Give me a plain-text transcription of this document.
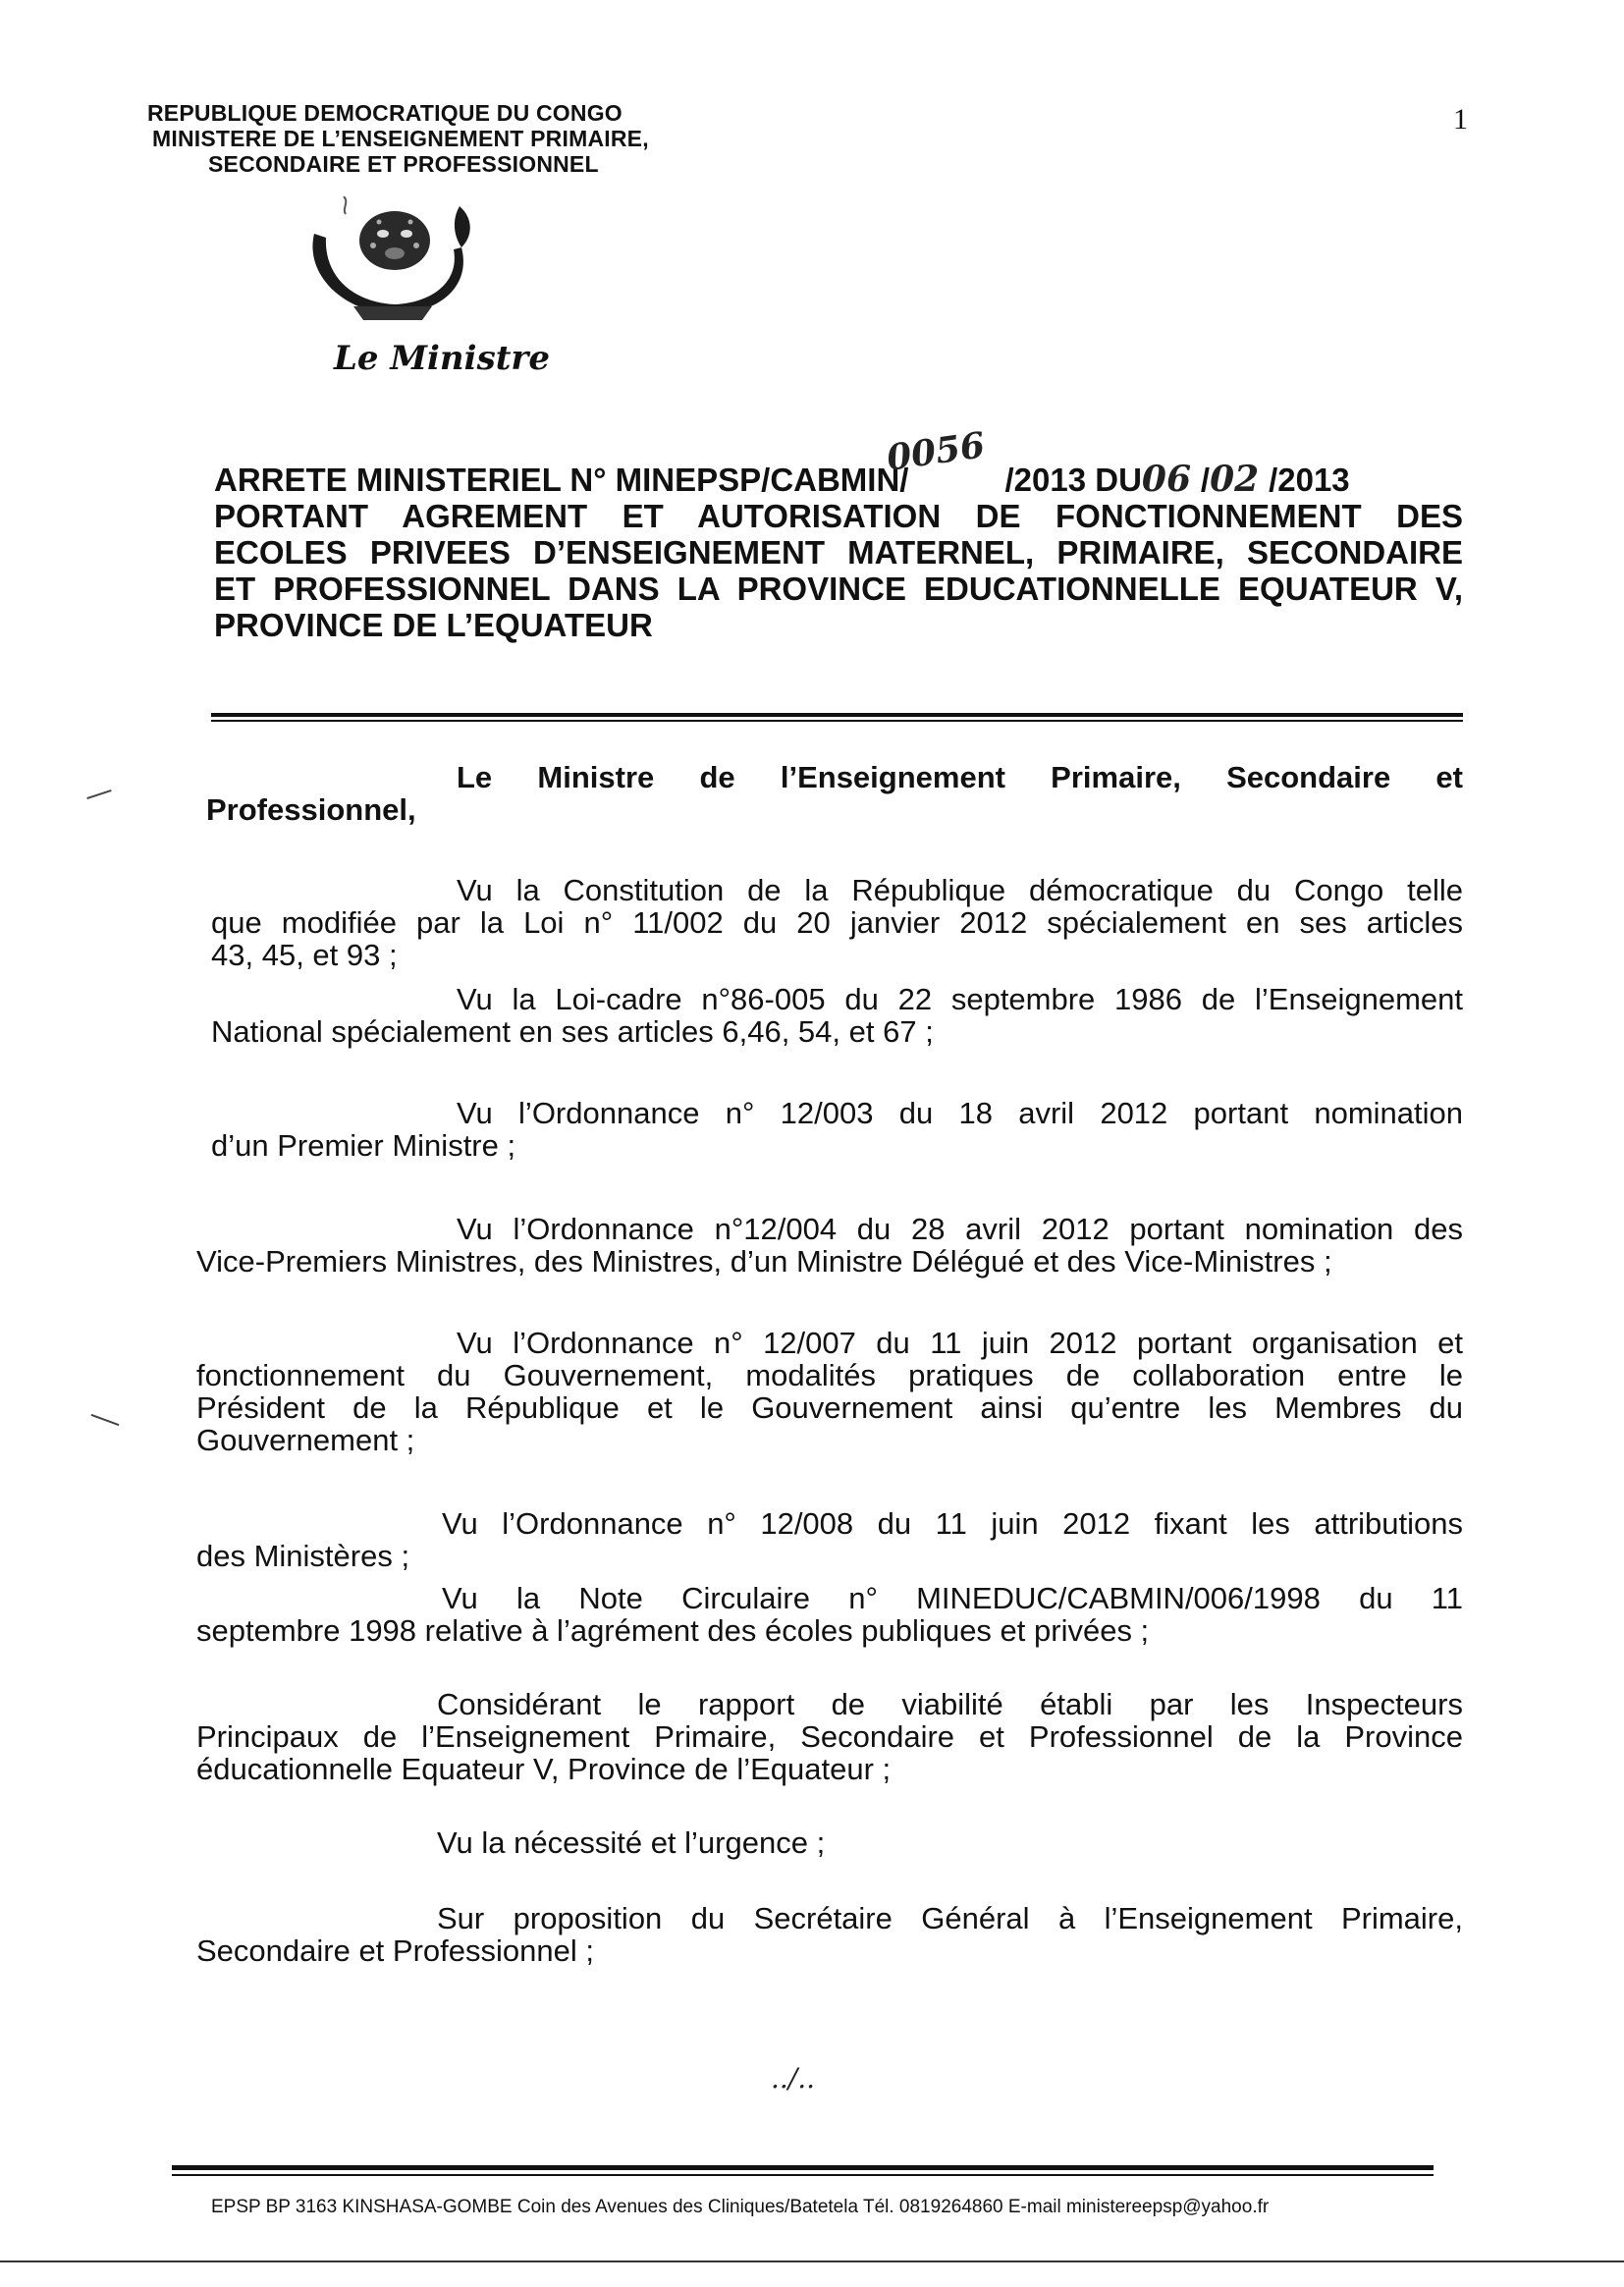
REPUBLIQUE DEMOCRATIQUE DU CONGO
MINISTERE DE L’ENSEIGNEMENT PRIMAIRE,
SECONDAIRE ET PROFESSIONNEL
1
Le Ministre
ARRETE MINISTERIEL N° MINEPSP/CABMIN/
0056
/2013 DU06 /02 /2013
PORTANT AGREMENT ET AUTORISATION DE FONCTIONNEMENT DES
ECOLES PRIVEES D’ENSEIGNEMENT MATERNEL, PRIMAIRE, SECONDAIRE
ET PROFESSIONNEL DANS LA PROVINCE EDUCATIONNELLE EQUATEUR V,
PROVINCE DE L’EQUATEUR
Le Ministre de l’Enseignement Primaire, Secondaire et
Professionnel,
Vu la Constitution de la République démocratique du Congo telle
que modifiée par la Loi n° 11/002 du 20 janvier 2012 spécialement en ses articles
43, 45, et 93 ;
Vu la Loi-cadre n°86-005 du 22 septembre 1986 de l’Enseignement
National spécialement en ses articles 6,46, 54, et 67 ;
Vu l’Ordonnance n° 12/003 du 18 avril 2012 portant nomination
d’un Premier Ministre ;
Vu l’Ordonnance n°12/004 du 28 avril 2012 portant nomination des
Vice-Premiers Ministres, des Ministres, d’un Ministre Délégué et des Vice-Ministres ;
Vu l’Ordonnance n° 12/007 du 11 juin 2012 portant organisation et
fonctionnement du Gouvernement, modalités pratiques de collaboration entre le
Président de la République et le Gouvernement ainsi qu’entre les Membres du
Gouvernement ;
Vu l’Ordonnance n° 12/008 du 11 juin 2012 fixant les attributions
des Ministères ;
Vu la Note Circulaire n° MINEDUC/CABMIN/006/1998 du 11
septembre 1998 relative à l’agrément des écoles publiques et privées ;
Considérant le rapport de viabilité établi par les Inspecteurs
Principaux de l’Enseignement Primaire, Secondaire et Professionnel de la Province
éducationnelle Equateur V, Province de l’Equateur ;
Vu la nécessité et l’urgence ;
Sur proposition du Secrétaire Général à l’Enseignement Primaire,
Secondaire et Professionnel ;
../..
EPSP BP 3163 KINSHASA-GOMBE Coin des Avenues des Cliniques/Batetela Tél. 0819264860 E-mail ministereepsp@yahoo.fr
